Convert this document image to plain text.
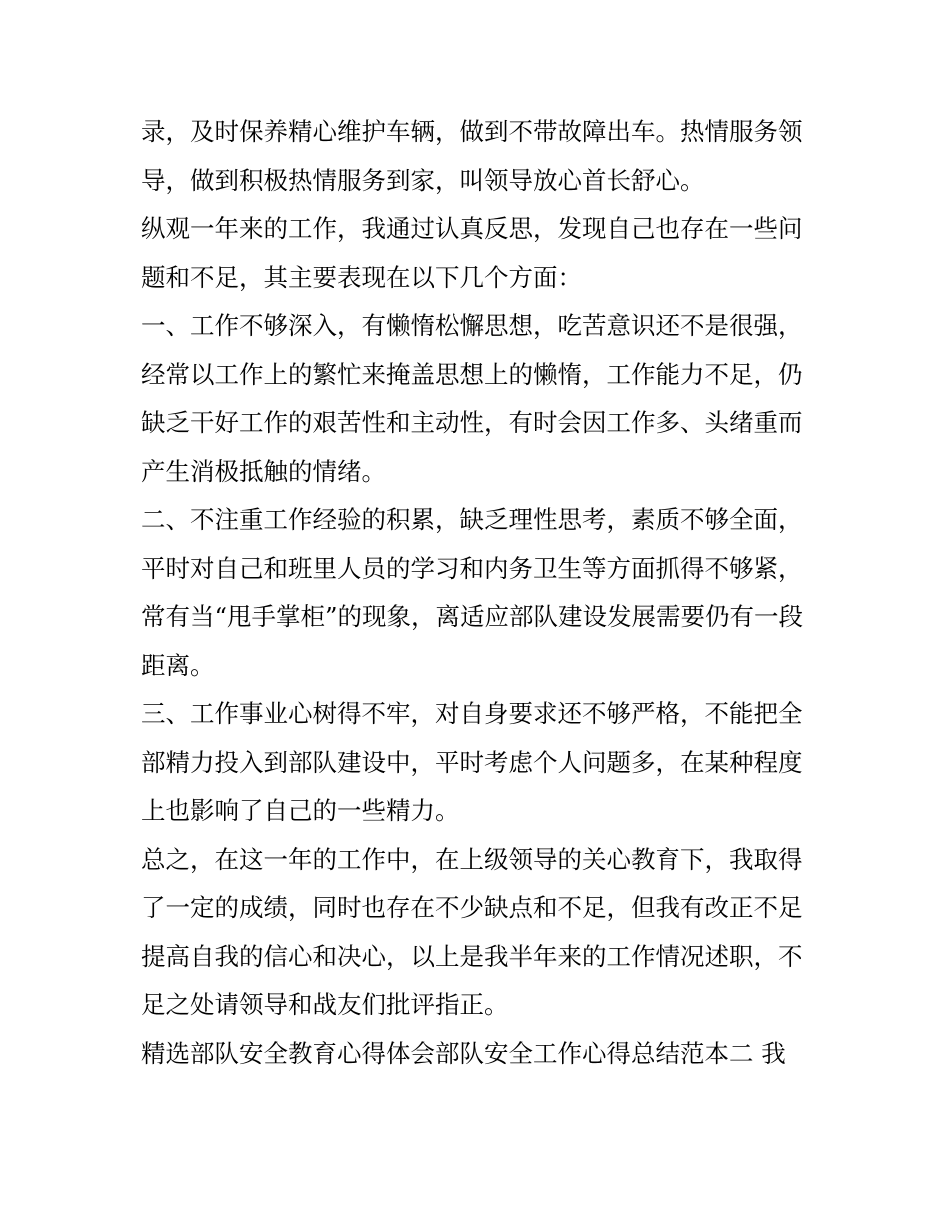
录，及时保养精心维护车辆，做到不带故障出车。热情服务领
导，做到积极热情服务到家，叫领导放心首长舒心。
纵观一年来的工作，我通过认真反思，发现自己也存在一些问
题和不足，其主要表现在以下几个方面：
一、工作不够深入，有懒惰松懈思想，吃苦意识还不是很强，
经常以工作上的繁忙来掩盖思想上的懒惰，工作能力不足，仍
缺乏干好工作的艰苦性和主动性，有时会因工作多、头绪重而
产生消极抵触的情绪。
二、不注重工作经验的积累，缺乏理性思考，素质不够全面，
平时对自己和班里人员的学习和内务卫生等方面抓得不够紧，
常有当“甩手掌柜”的现象，离适应部队建设发展需要仍有一段
距离。
三、工作事业心树得不牢，对自身要求还不够严格，不能把全
部精力投入到部队建设中，平时考虑个人问题多，在某种程度
上也影响了自己的一些精力。
总之，在这一年的工作中，在上级领导的关心教育下，我取得
了一定的成绩，同时也存在不少缺点和不足，但我有改正不足
提高自我的信心和决心，以上是我半年来的工作情况述职，不
足之处请领导和战友们批评指正。
精选部队安全教育心得体会部队安全工作心得总结范本二 我
